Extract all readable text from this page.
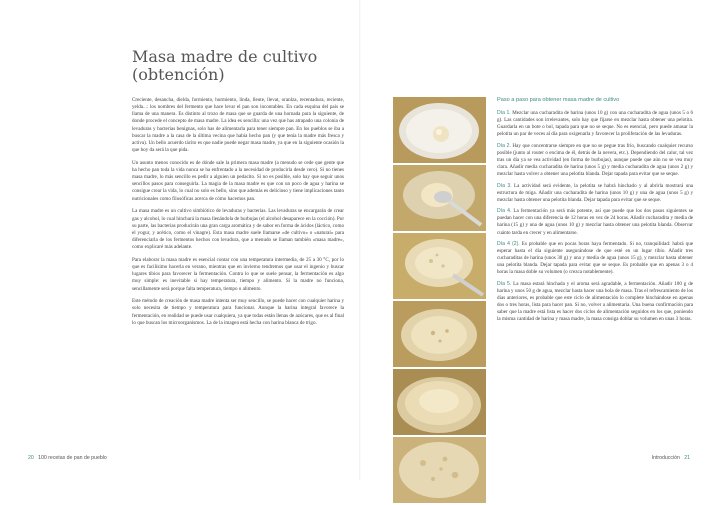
Masa madre de cultivo
(obtención)

Creciente, desancha, dielda, formiento, hurmiento, linda, lleute, llevat, oranlza, recentadura, reciente, yelda...: los nombres del fermento que hace levar el pan son incontables. En cada esquina del país se llama de una manera. Es distinto al trozo de masa que se guarda de una hornada para la siguiente, de donde procede el concepto de masa madre. La idea es sencilla: una vez que has atrapado una colonia de levaduras y bacterias benignas, solo has de alimentarla para tener siempre pan. En los pueblos se iba a buscar la madre a la casa de la última vecina que había hecho pan (y que tenía la madre más fresca y activa). Un bello acuerdo tácito es que nadie puede negar masa madre, ya que en la siguiente ocasión la que hoy da será la que pida.

Un asunto menos conocido es de dónde sale la primera masa madre (a menudo se cede que gente que ha hecho pan toda la vida nunca se ha enfrentado a la necesidad de producirla desde cero). Si no tienes masa madre, lo más sencillo es pedir a alguien un pedacito. Si no es posible, solo hay que seguir unos sencillos pasos para conseguirla. La magia de la masa madre es que con un poco de agua y harina se consigue crear la vida, lo cual no solo es bello, sino que además es delicioso y tiene implicaciones tanto nutricionales como filosóficas acerca de cómo hacemos pan.

La masa madre es un cultivo simbiótico de levaduras y bacterias. Las levaduras se encargarán de crear gas y alcohol, lo cual hinchará la masa llenándola de burbujas (el alcohol desaparece en la cocción). Por su parte, las bacterias producirán una gran carga aromática y de sabor en forma de ácidos (láctico, como el yogur, y acético, como el vinagre). Esta masa madre suele llamarse «de cultivo» o «natural» para diferenciarla de los fermentos hechos con levadura, que a menudo se llaman también «masa madre», como explicaré más adelante.

Para elaborar la masa madre es esencial contar con una temperatura intermedia, de 25 a 30 °C, por lo que es facilísimo hacerla en verano, mientras que en invierno tendremos que usar el ingenio y buscar lugares tibios para favorecer la fermentación. Contra lo que se suele pensar, la fermentación es algo muy simple: es inevitable si hay temperatura, tiempo y alimento. Si la madre no funciona, sencillamente será porque falta temperatura, tiempo o alimento.

Este método de creación de masa madre intenta ser muy sencillo, se puede hacer con cualquier harina y solo necesita de tiempo y temperatura para funcionar. Aunque la harina integral favorece la fermentación, en realidad se puede usar cualquiera, ya que todas están llenas de azúcares, que es al final lo que buscan los microorganismos. La de la imagen está hecha con harina blanca de trigo.

Paso a paso para obtener masa madre de cultivo

Día 1. Mezclar una cucharadita de harina (unos 10 g) con una cucharadita de agua (unos 5 o 6 g). Las cantidades son irrelevantes, solo hay que fijarse en mezclar hasta obtener una pelotita. Guardarla en un bote o bol, tapada para que no se seque. No es esencial, pero puede amasar la pelotita un par de veces al día para oxigenarla y favorecer la proliferación de las levaduras.

Día 2. Hay que concentrarse siempre en que no se pegue tras frío, buscando cualquier recurso posible (junto al router o encima de él, detrás de la nevera, etc.). Dependiendo del calor, tal vez tras un día ya se vea actividad (en forma de burbujas), aunque puede que aún no se vea muy clara. Añadir media cucharadita de harina (unos 5 g) y media cucharadita de agua (unos 2 g) y mezclar hasta volver a obtener una pelotita blanda. Dejar tapada para evitar que se seque.

Día 3. La actividad será evidente, la pelotita se habrá hinchado y al abrirla mostrará una estructura de miga. Añadir una cucharadita de harina (unos 10 g) y una de agua (unos 5 g) y mezclar hasta obtener una pelotita blanda. Dejar tapada para evitar que se seque.

Día 4. La fermentación ya será más potente, así que puede que los dos pasos siguientes se puedan hacer con una diferencia de 12 horas en vez de 24 horas. Añadir cucharadita y media de harina (15 g) y una de agua (unos 10 g) y mezclar hasta obtener una pelotita blanda. Observar cuánto tarda en crecer y en alimentarse.

Día 4 (2). Es probable que en pocas horas haya fermentado. Si no, tranquilidad: habrá que esperar hasta el día siguiente asegurándose de que esté en un lugar tibio. Añadir tres cucharaditas de harina (unos 30 g) y una y media de agua (unos 15 g), y mezclar hasta obtener una pelotita blanda. Dejar tapada para evitar que se seque. Es probable que en apenas 3 o 4 horas la masa doble su volumen (o crezca notablemente).

Día 5. La masa estará hinchada y el aroma será agradable, a fermentación. Añadir 100 g de harina y unos 50 g de agua, mezclar hasta hacer una bola de masa. Tras el refrescamiento de los días anteriores, es probable que este ciclo de alimentación lo complete hinchándose en apenas dos o tres horas, lista para hacer pan. Si no, volver a alimentaria. Una buena confirmación para saber que la madre está lista es hacer dos ciclos de alimentación seguidos en los que, poniendo la misma cantidad de harina y masa madre, la masa consiga doblar su volumen en unas 3 horas.

20 100 recetas de pan de pueblo	Introducción 21
